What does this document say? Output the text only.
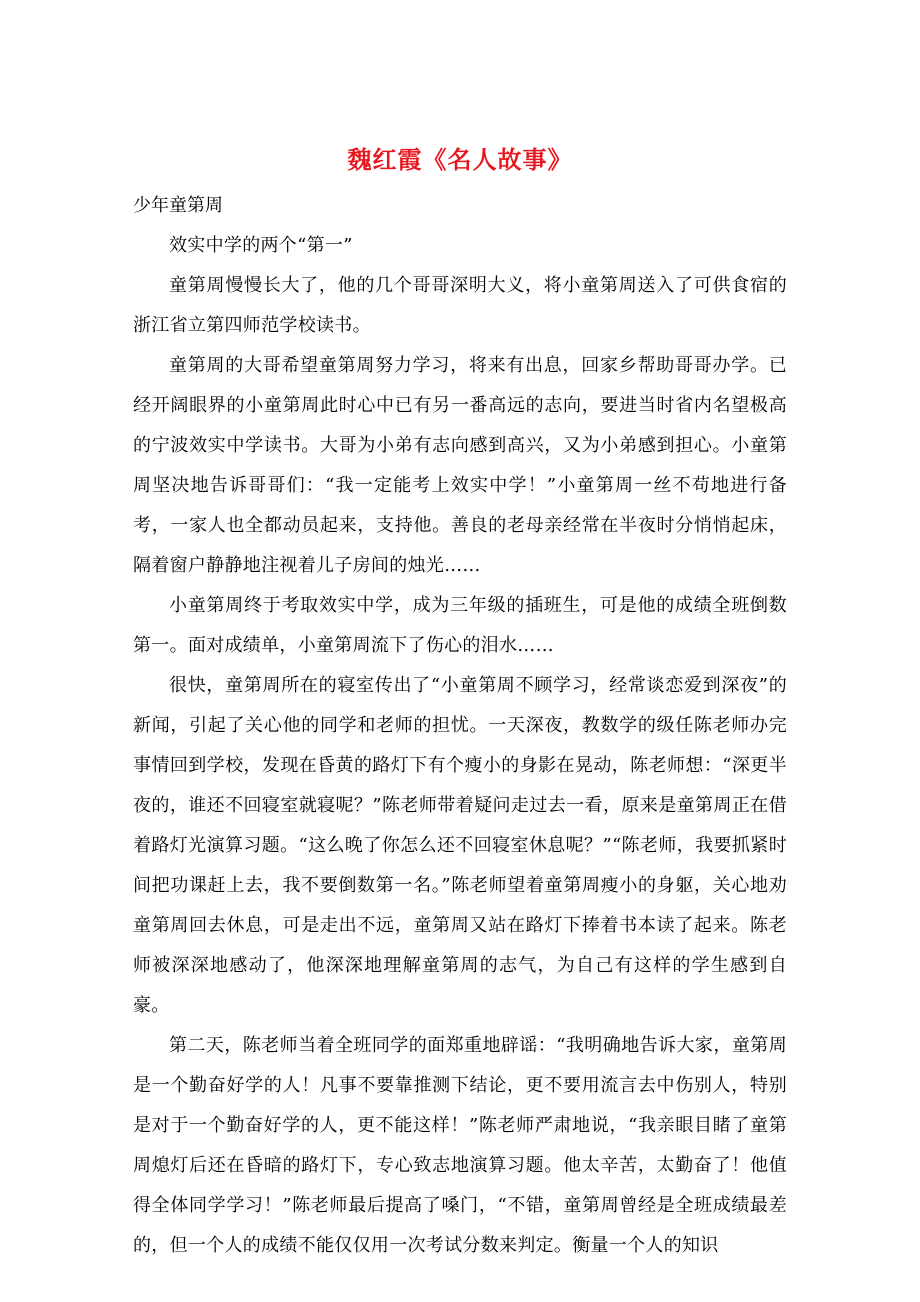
魏红霞《名人故事》

少年童第周

效实中学的两个“第一”

童第周慢慢长大了，他的几个哥哥深明大义，将小童第周送入了可供食宿的浙江省立第四师范学校读书。

童第周的大哥希望童第周努力学习，将来有出息，回家乡帮助哥哥办学。已经开阔眼界的小童第周此时心中已有另一番高远的志向，要进当时省内名望极高的宁波效实中学读书。大哥为小弟有志向感到高兴，又为小弟感到担心。小童第周坚决地告诉哥哥们：“我一定能考上效实中学！”小童第周一丝不苟地进行备考，一家人也全都动员起来，支持他。善良的老母亲经常在半夜时分悄悄起床，隔着窗户静静地注视着儿子房间的烛光……

小童第周终于考取效实中学，成为三年级的插班生，可是他的成绩全班倒数第一。面对成绩单，小童第周流下了伤心的泪水……

很快，童第周所在的寝室传出了“小童第周不顾学习，经常谈恋爱到深夜”的新闻，引起了关心他的同学和老师的担忧。一天深夜，教数学的级任陈老师办完事情回到学校，发现在昏黄的路灯下有个瘦小的身影在晃动，陈老师想：“深更半夜的，谁还不回寝室就寝呢？”陈老师带着疑问走过去一看，原来是童第周正在借着路灯光演算习题。“这么晚了你怎么还不回寝室休息呢？”“陈老师，我要抓紧时间把功课赶上去，我不要倒数第一名。”陈老师望着童第周瘦小的身躯，关心地劝童第周回去休息，可是走出不远，童第周又站在路灯下捧着书本读了起来。陈老师被深深地感动了，他深深地理解童第周的志气，为自己有这样的学生感到自豪。

第二天，陈老师当着全班同学的面郑重地辟谣：“我明确地告诉大家，童第周是一个勤奋好学的人！凡事不要靠推测下结论，更不要用流言去中伤别人，特别是对于一个勤奋好学的人，更不能这样！”陈老师严肃地说，“我亲眼目睹了童第周熄灯后还在昏暗的路灯下，专心致志地演算习题。他太辛苦，太勤奋了！他值得全体同学学习！”陈老师最后提高了嗓门，“不错，童第周曾经是全班成绩最差的，但一个人的成绩不能仅仅用一次考试分数来判定。衡量一个人的知识
